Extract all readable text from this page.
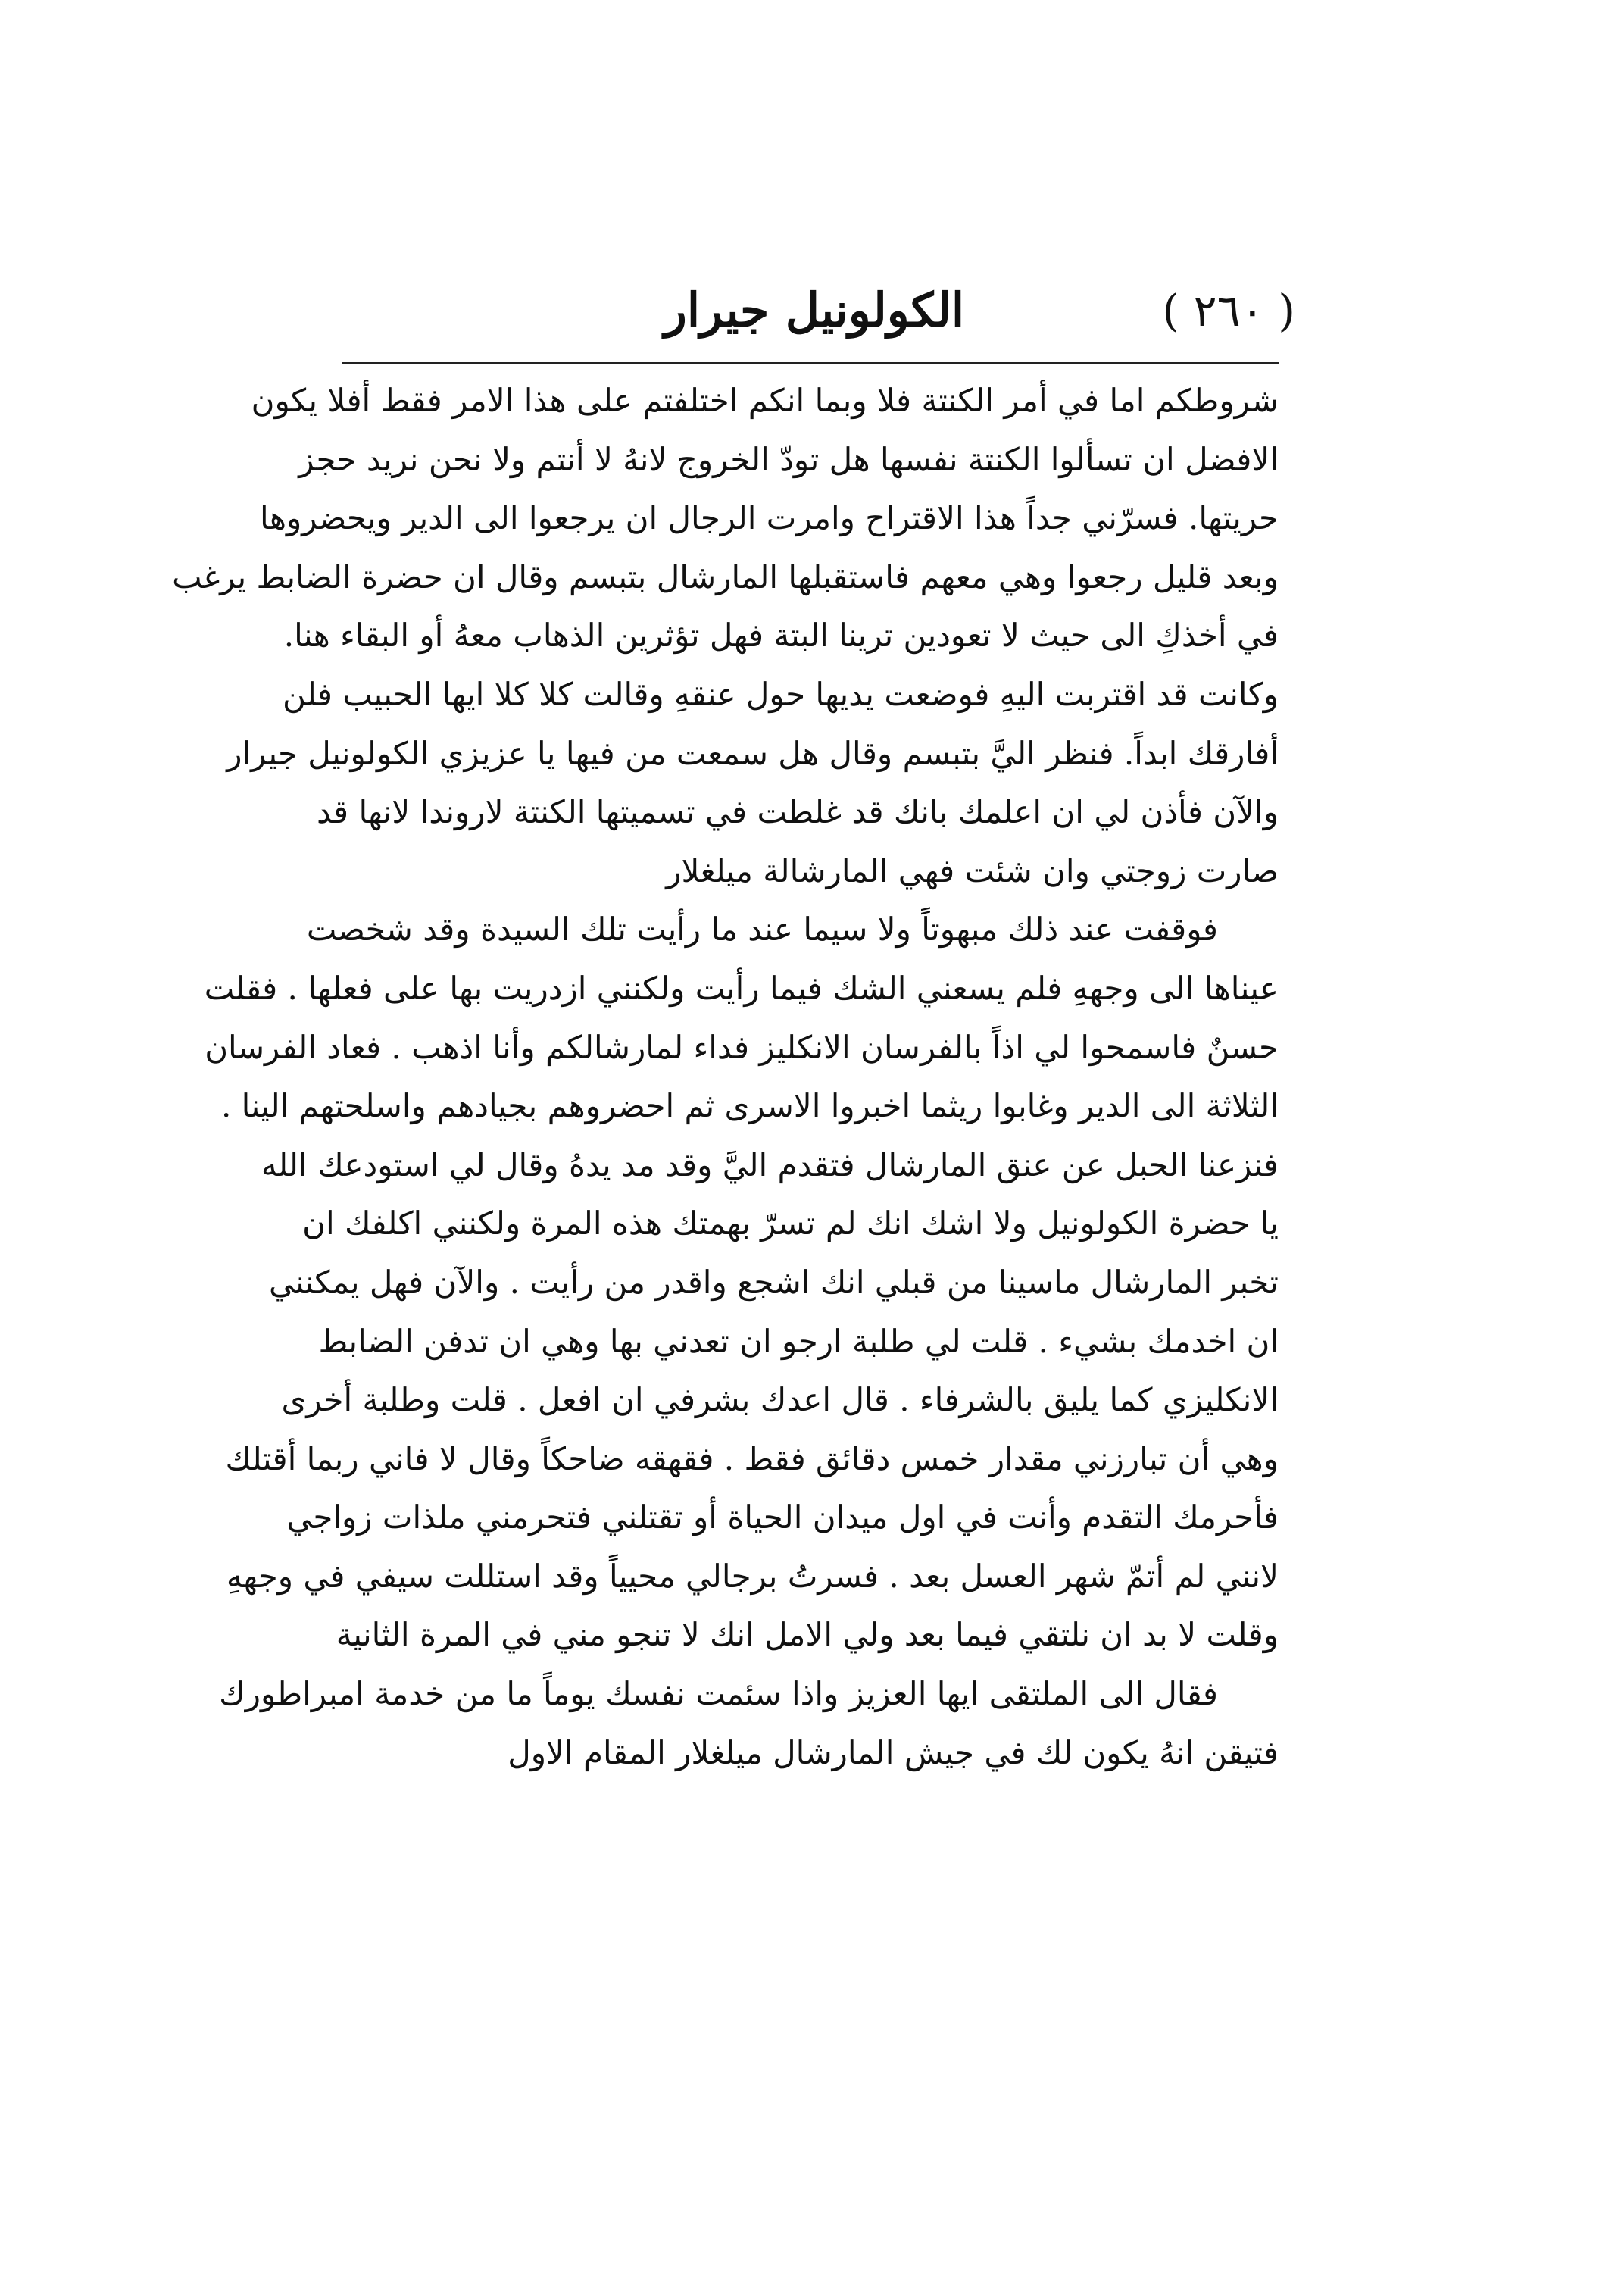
( ٢٦٠ )
الكولونيل جيرار
شروطكم اما في أمر الكنتة فلا وبما انكم اختلفتم على هذا الامر فقط أفلا يكون
الافضل ان تسألوا الكنتة نفسها هل تودّ الخروج لانهُ لا أنتم ولا نحن نريد حجز
حريتها. فسرّني جداً هذا الاقتراح وامرت الرجال ان يرجعوا الى الدير ويحضروها
وبعد قليل رجعوا وهي معهم فاستقبلها المارشال بتبسم وقال ان حضرة الضابط يرغب
في أخذكِ الى حيث لا تعودين ترينا البتة فهل تؤثرين الذهاب معهُ أو البقاء هنا.
وكانت قد اقتربت اليهِ فوضعت يديها حول عنقهِ وقالت كلا كلا ايها الحبيب فلن
أفارقك ابداً. فنظر اليَّ بتبسم وقال هل سمعت من فيها يا عزيزي الكولونيل جيرار
والآن فأذن لي ان اعلمك بانك قد غلطت في تسميتها الكنتة لاروندا لانها قد
صارت زوجتي وان شئت فهي المارشالة ميلغلار
فوقفت عند ذلك مبهوتاً ولا سيما عند ما رأيت تلك السيدة وقد شخصت
عيناها الى وجههِ فلم يسعني الشك فيما رأيت ولكنني ازدريت بها على فعلها . فقلت
حسنٌ فاسمحوا لي اذاً بالفرسان الانكليز فداء لمارشالكم وأنا اذهب . فعاد الفرسان
الثلاثة الى الدير وغابوا ريثما اخبروا الاسرى ثم احضروهم بجيادهم واسلحتهم الينا .
فنزعنا الحبل عن عنق المارشال فتقدم اليَّ وقد مد يدهُ وقال لي استودعك الله
يا حضرة الكولونيل ولا اشك انك لم تسرّ بهمتك هذه المرة ولكنني اكلفك ان
تخبر المارشال ماسينا من قبلي انك اشجع واقدر من رأيت . والآن فهل يمكنني
ان اخدمك بشيء . قلت لي طلبة ارجو ان تعدني بها وهي ان تدفن الضابط
الانكليزي كما يليق بالشرفاء . قال اعدك بشرفي ان افعل . قلت وطلبة أخرى
وهي أن تبارزني مقدار خمس دقائق فقط . فقهقه ضاحكاً وقال لا فاني ربما أقتلك
فأحرمك التقدم وأنت في اول ميدان الحياة أو تقتلني فتحرمني ملذات زواجي
لانني لم أتمّ شهر العسل بعد . فسرتُ برجالي محيياً وقد استللت سيفي في وجههِ
وقلت لا بد ان نلتقي فيما بعد ولي الامل انك لا تنجو مني في المرة الثانية
فقال الى الملتقى ايها العزيز واذا سئمت نفسك يوماً ما من خدمة امبراطورك
فتيقن انهُ يكون لك في جيش المارشال ميلغلار المقام الاول
